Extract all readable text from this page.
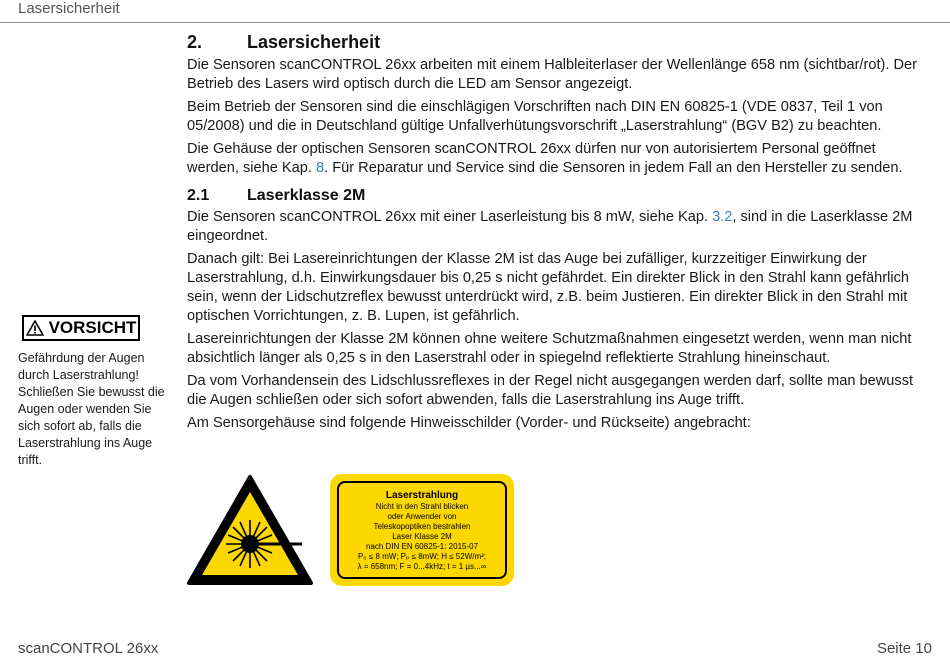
Lasersicherheit
2. Lasersicherheit

Die Sensoren scanCONTROL 26xx arbeiten mit einem Halbleiterlaser der Wellenlänge 658 nm (sichtbar/rot). Der Betrieb des Lasers wird optisch durch die LED am Sensor angezeigt.

Beim Betrieb der Sensoren sind die einschlägigen Vorschriften nach DIN EN 60825-1 (VDE 0837, Teil 1 von 05/2008) und die in Deutschland gültige Unfallverhütungsvorschrift „Laserstrahlung“ (BGV B2) zu beachten.

Die Gehäuse der optischen Sensoren scanCONTROL 26xx dürfen nur von autorisiertem Personal geöffnet werden, siehe Kap. 8. Für Reparatur und Service sind die Sensoren in jedem Fall an den Hersteller zu senden.

2.1 Laserklasse 2M

Die Sensoren scanCONTROL 26xx mit einer Laserleistung bis 8 mW, siehe Kap. 3.2, sind in die Laserklasse 2M eingeordnet.

Danach gilt: Bei Lasereinrichtungen der Klasse 2M ist das Auge bei zufälliger, kurzzeitiger Einwirkung der Laserstrahlung, d.h. Einwirkungsdauer bis 0,25 s nicht gefährdet. Ein direkter Blick in den Strahl kann gefährlich sein, wenn der Lidschutzreflex bewusst unterdrückt wird, z.B. beim Justieren. Ein direkter Blick in den Strahl mit optischen Vorrichtungen, z. B. Lupen, ist gefährlich.

Lasereinrichtungen der Klasse 2M können ohne weitere Schutzmaßnahmen eingesetzt werden, wenn man nicht absichtlich länger als 0,25 s in den Laserstrahl oder in spiegelnd reflektierte Strahlung hineinschaut.

Da vom Vorhandensein des Lidschlussreflexes in der Regel nicht ausgegangen werden darf, sollte man bewusst die Augen schließen oder sich sofort abwenden, falls die Laserstrahlung ins Auge trifft.

Am Sensorgehäuse sind folgende Hinweisschilder (Vorder- und Rückseite) angebracht:

VORSICHT
Gefährdung der Augen durch Laserstrahlung! Schließen Sie bewusst die Augen oder wenden Sie sich sofort ab, falls die Laserstrahlung ins Auge trifft.
Laserstrahlung
Nicht in den Strahl blicken
oder Anwender von
Teleskopoptiken bestrahlen
Laser Klasse 2M
nach DIN EN 60825-1: 2015-07
P₀ ≤ 8 mW; Pₚ ≤ 8mW; H ≤ 52W/m²;
λ = 658nm; F = 0...4kHz; t = 1 µs...∞
scanCONTROL 26xx	Seite 10
